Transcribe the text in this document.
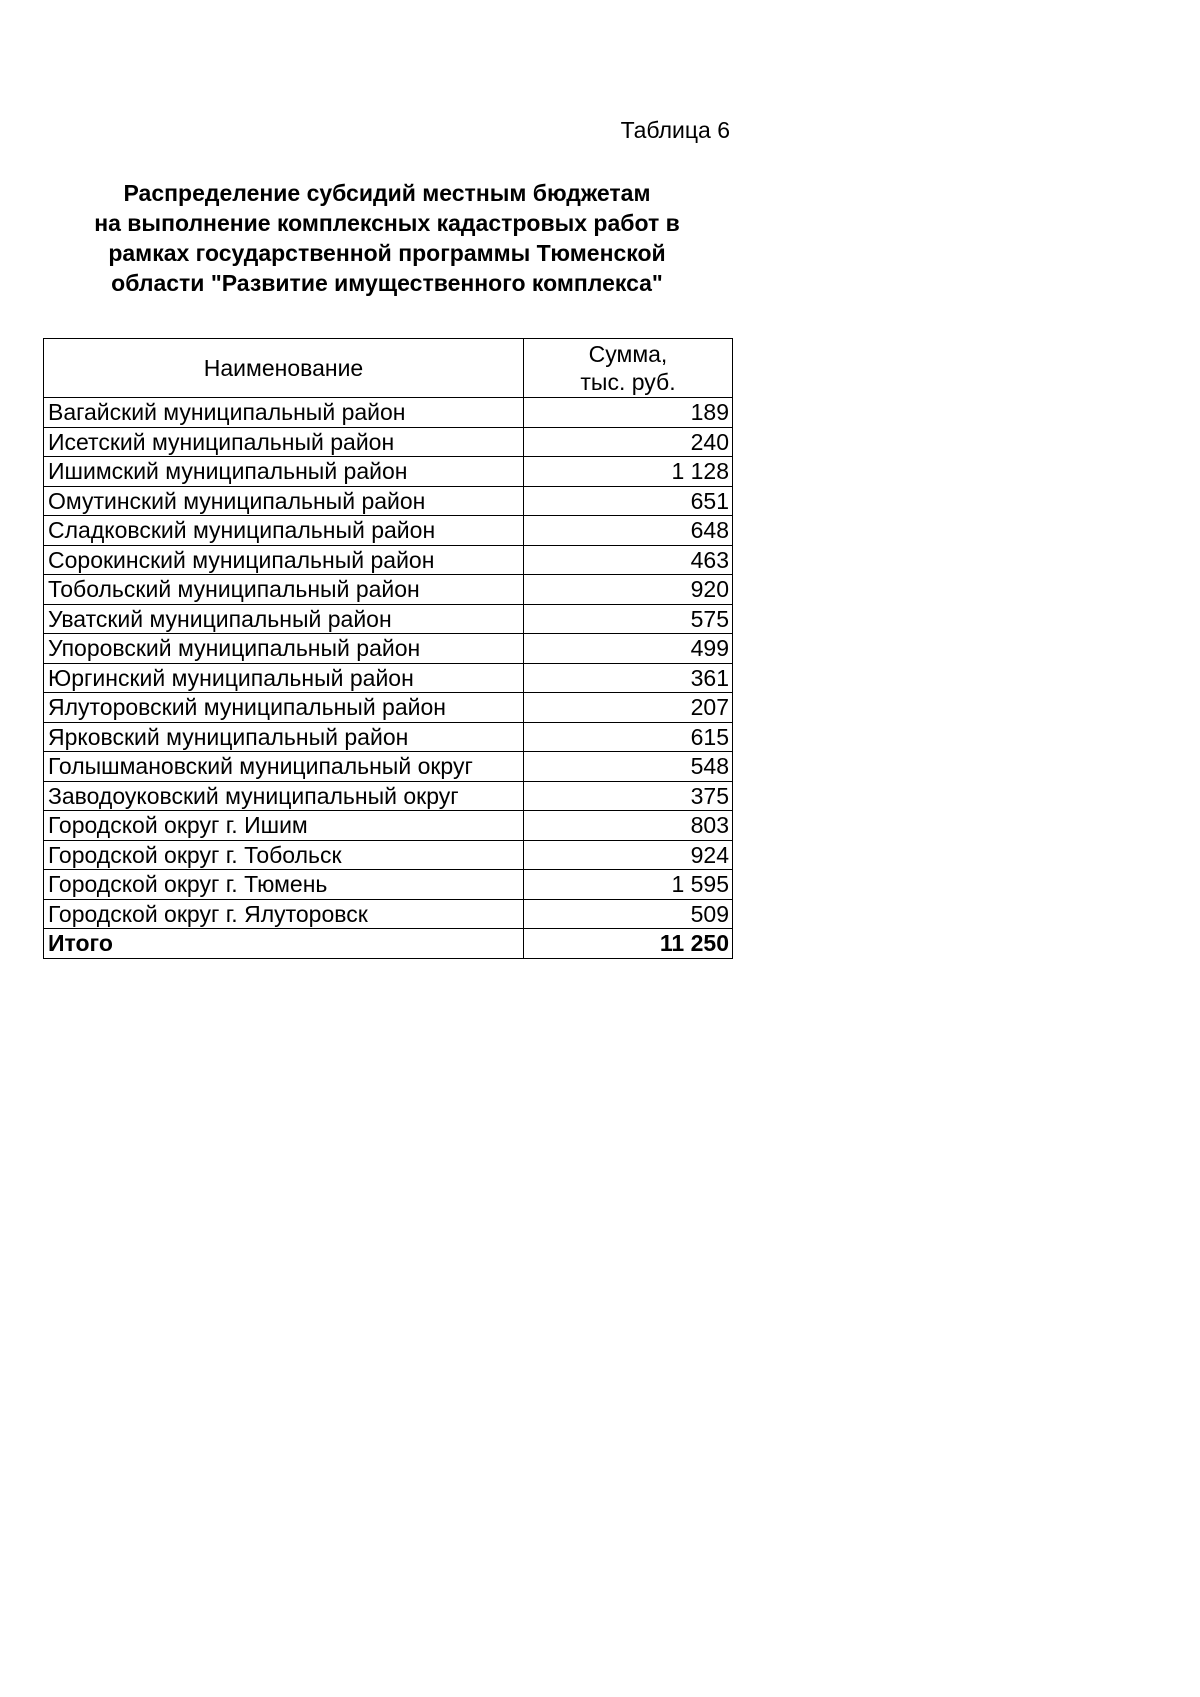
Таблица 6
Распределение субсидий местным бюджетам
на выполнение комплексных кадастровых работ в
рамках государственной программы Тюменской
области "Развитие имущественного комплекса"
Наименование	Сумма,
тыс. руб.

Вагайский муниципальный район	189
Исетский муниципальный район	240
Ишимский муниципальный район	1 128
Омутинский муниципальный район	651
Сладковский муниципальный район	648
Сорокинский муниципальный район	463
Тобольский муниципальный район	920
Уватский муниципальный район	575
Упоровский муниципальный район	499
Юргинский муниципальный район	361
Ялуторовский муниципальный район	207
Ярковский муниципальный район	615
Голышмановский муниципальный округ	548
Заводоуковский муниципальный округ	375
Городской округ г. Ишим	803
Городской округ г. Тобольск	924
Городской округ г. Тюмень	1 595
Городской округ г. Ялуторовск	509
Итого	11 250
